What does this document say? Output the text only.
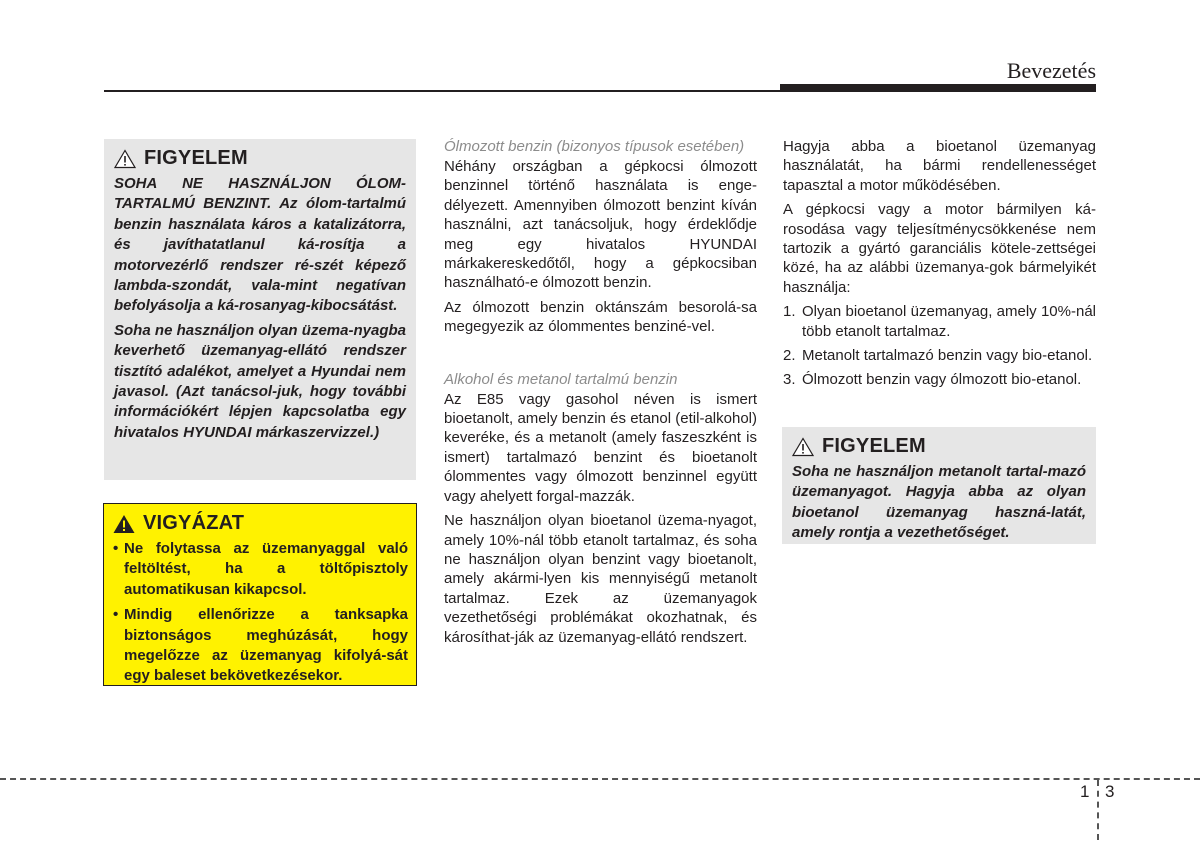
Bevezetés
FIGYELEM

SOHA NE HASZNÁLJON ÓLOM-TARTALMÚ BENZINT. Az ólom-tartalmú benzin használata káros a katalizátorra, és javíthatatlanul ká-rosítja a motorvezérlő rendszer ré-szét képező lambda-szondát, vala-mint negatívan befolyásolja a ká-rosanyag-kibocsátást.

Soha ne használjon olyan üzema-nyagba keverhető üzemanyag-ellátó rendszer tisztító adalékot, amelyet a Hyundai nem javasol. (Azt tanácsol-juk, hogy további információkért lépjen kapcsolatba egy hivatalos HYUNDAI márkaszervizzel.)

VIGYÁZAT
• Ne folytassa az üzemanyaggal való feltöltést, ha a töltőpisztoly automatikusan kikapcsol.
• Mindig ellenőrizze a tanksapka biztonságos meghúzását, hogy megelőzze az üzemanyag kifolyá-sát egy baleset bekövetkezésekor.
Ólmozott benzin (bizonyos típusok esetében)

Néhány országban a gépkocsi ólmozott benzinnel történő használata is enge-délyezett. Amennyiben ólmozott benzint kíván használni, azt tanácsoljuk, hogy érdeklődje meg egy hivatalos HYUNDAI márkakereskedőtől, hogy a gépkocsiban használható-e ólmozott benzin.

Az ólmozott benzin oktánszám besorolá-sa megegyezik az ólommentes benziné-vel.

Alkohol és metanol tartalmú benzin

Az E85 vagy gasohol néven is ismert bioetanolt, amely benzin és etanol (etil-alkohol) keveréke, és a metanolt (amely faszeszként is ismert) tartalmazó benzint és bioetanolt ólommentes vagy ólmozott benzinnel együtt vagy ahelyett forgal-mazzák.

Ne használjon olyan bioetanol üzema-nyagot, amely 10%-nál több etanolt tartalmaz, és soha ne használjon olyan benzint vagy bioetanolt, amely akármi-lyen kis mennyiségű metanolt tartalmaz. Ezek az üzemanyagok vezethetőségi problémákat okozhatnak, és károsíthat-ják az üzemanyag-ellátó rendszert.

Hagyja abba a bioetanol üzemanyag használatát, ha bármi rendellenességet tapasztal a motor működésében.

A gépkocsi vagy a motor bármilyen ká-rosodása vagy teljesítménycsökkenése nem tartozik a gyártó garanciális kötele-zettségei közé, ha az alábbi üzemanya-gok bármelyikét használja:

1. Olyan bioetanol üzemanyag, amely 10%-nál több etanolt tartalmaz.
2. Metanolt tartalmazó benzin vagy bio-etanol.
3. Ólmozott benzin vagy ólmozott bio-etanol.
FIGYELEM

Soha ne használjon metanolt tartal-mazó üzemanyagot. Hagyja abba az olyan bioetanol üzemanyag haszná-latát, amely rontja a vezethetőséget.

1 3
